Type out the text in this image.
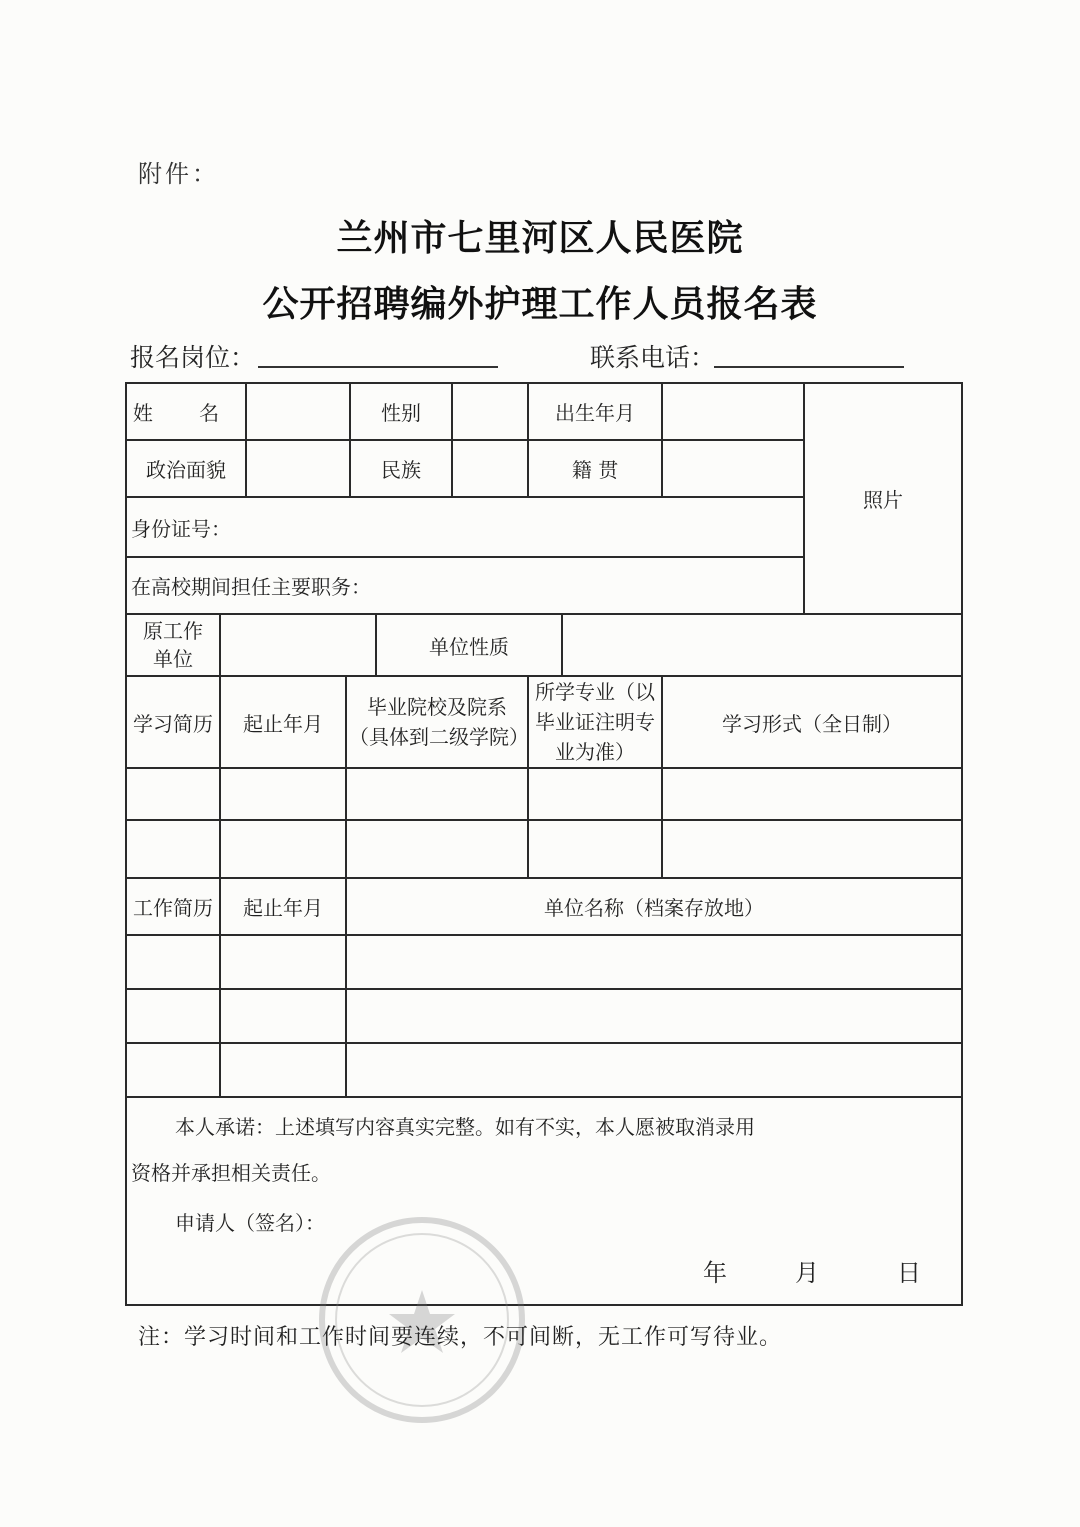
附件：
兰州市七里河区人民医院
公开招聘编外护理工作人员报名表
报名岗位：	联系电话：
姓 名				性别			出生年月			照片
政治面貌				民族			籍 贯			
身份证号：										
在高校期间担任主要职务：										

原工作单位					单位性质					
学习简历	起止年月		毕业院校及院系（具体到二级学院）				所学专业（以毕业证注明专业为准）		学习形式（全日制）	

工作简历	起止年月		单位名称（档案存放地）							

本人承诺：上述填写内容真实完整。如有不实，本人愿被取消录用
资格并承担相关责任。
申请人（签名）：
年 月 日										
注：学习时间和工作时间要连续，不可间断，无工作可写待业。
